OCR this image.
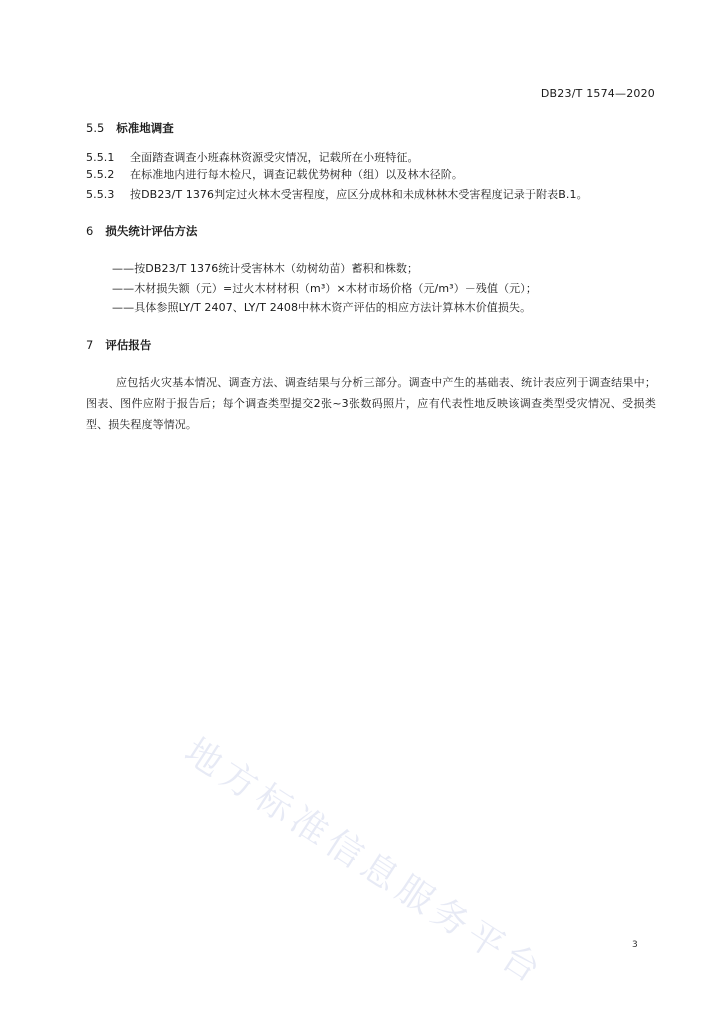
DB23/T 1574—2020
5.5 标准地调查
5.5.1 全面踏查调查小班森林资源受灾情况，记载所在小班特征。
5.5.2 在标准地内进行每木检尺，调查记载优势树种（组）以及林木径阶。
5.5.3 按DB23/T 1376判定过火林木受害程度，应区分成林和未成林林木受害程度记录于附表B.1。
6 损失统计评估方法
——按DB23/T 1376统计受害林木（幼树幼苗）蓄积和株数；
——木材损失额（元）=过火木材材积（m³）×木材市场价格（元/m³）－残值（元）；
——具体参照LY/T 2407、LY/T 2408中林木资产评估的相应方法计算林木价值损失。
7 评估报告
应包括火灾基本情况、调查方法、调查结果与分析三部分。调查中产生的基础表、统计表应列于调查结果中；图表、图件应附于报告后；每个调查类型提交2张~3张数码照片，应有代表性地反映该调查类型受灾情况、受损类型、损失程度等情况。
地方标准信息服务平台	3
